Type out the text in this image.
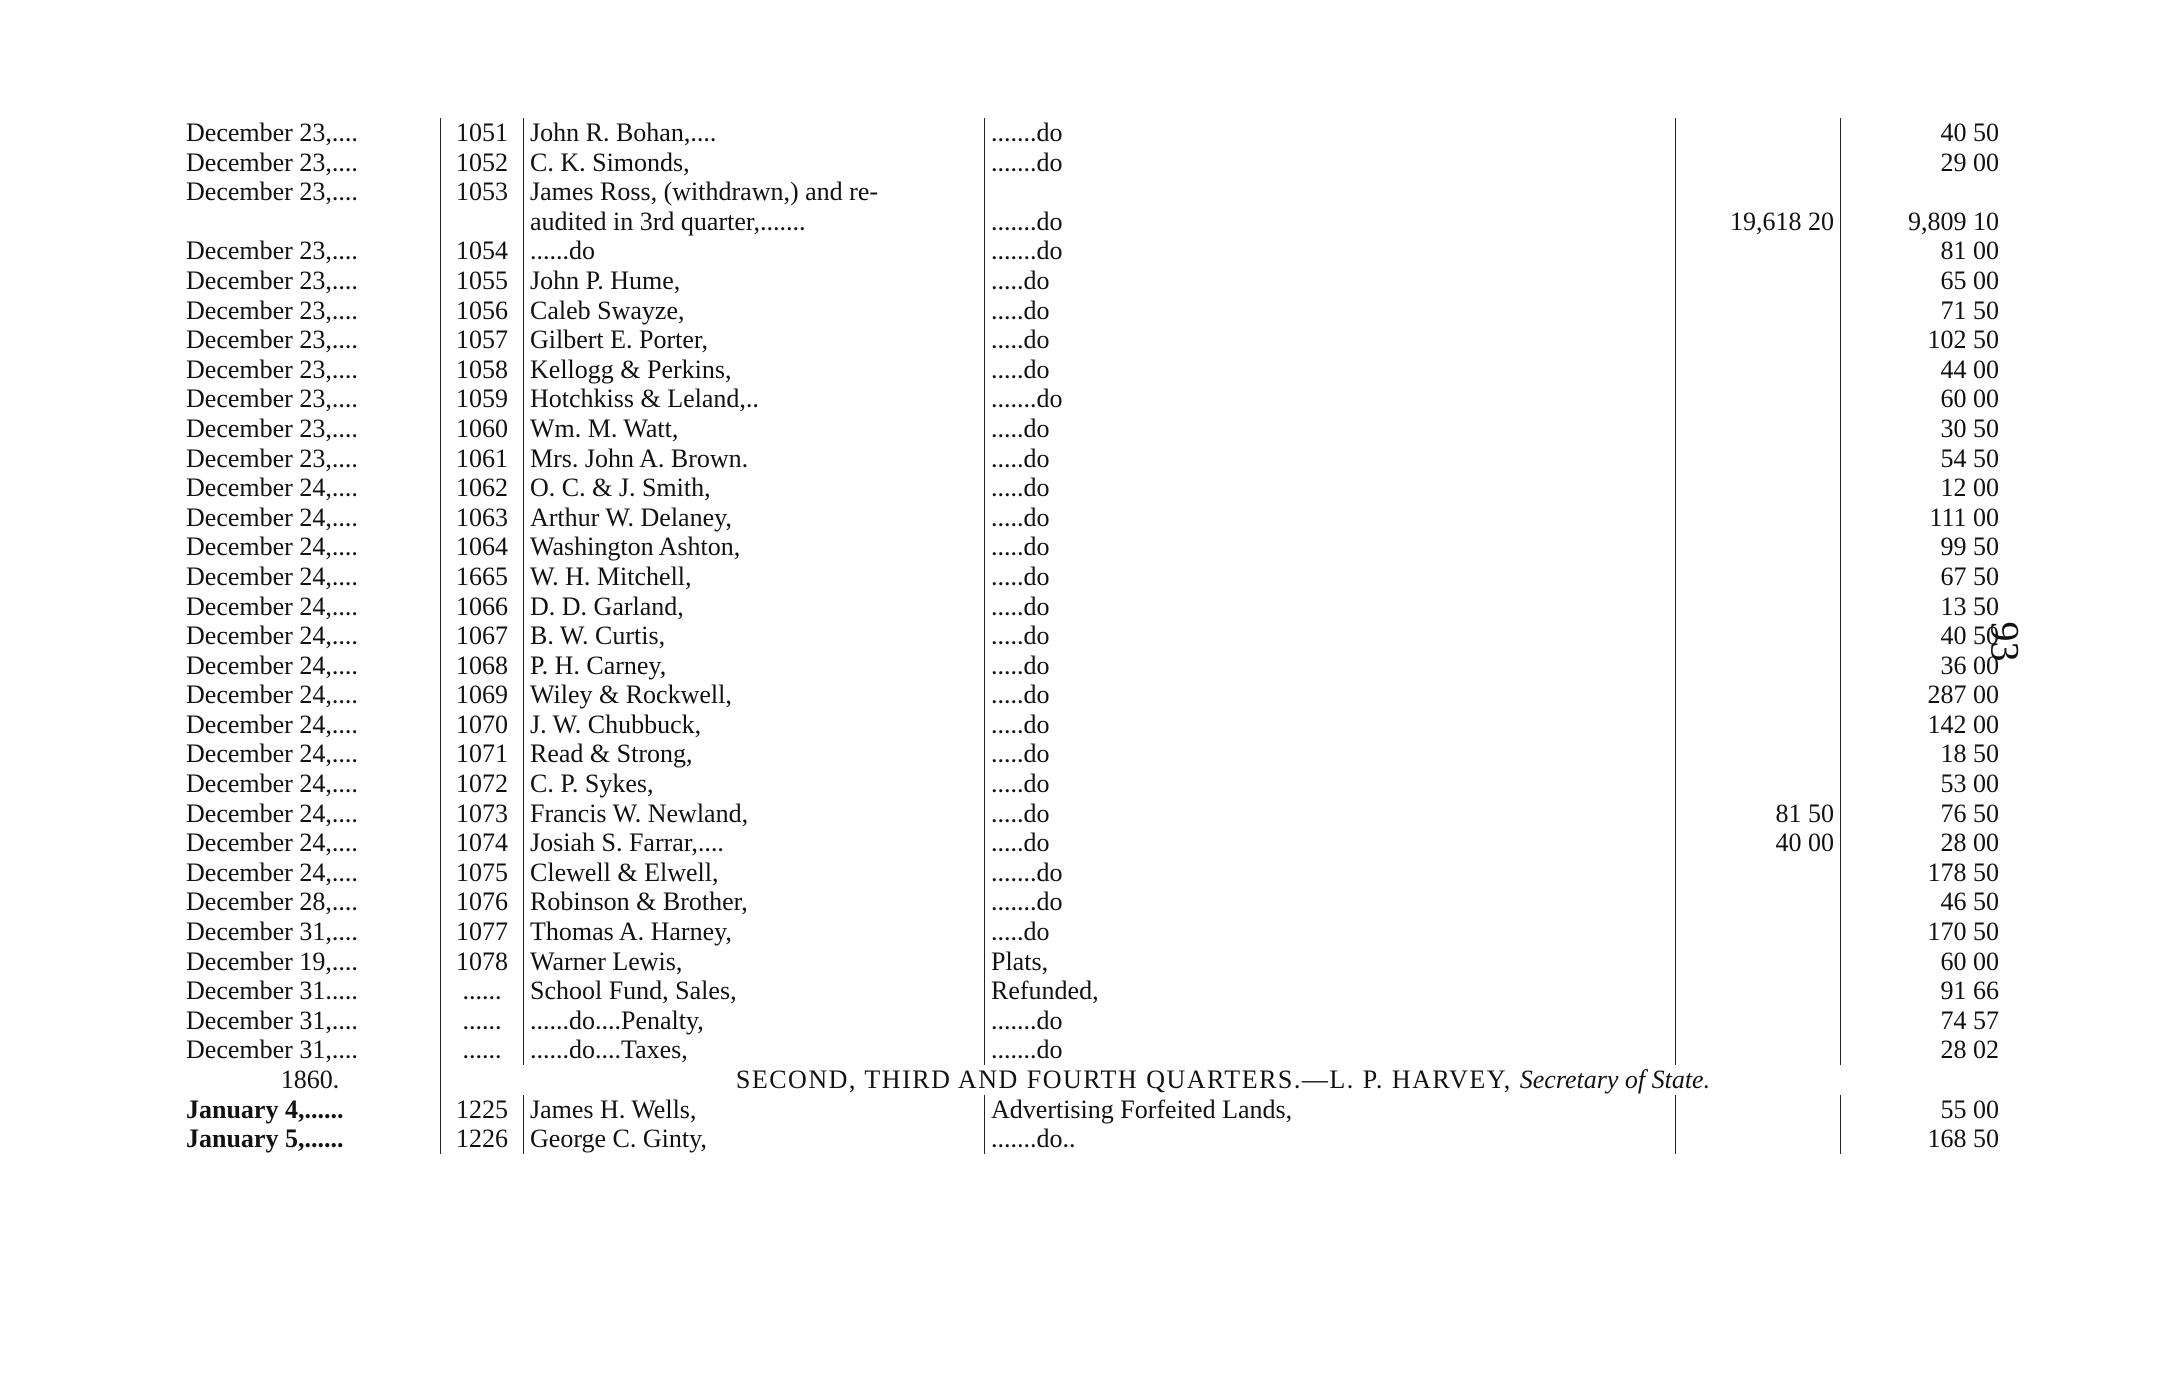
December 23,....	1051	John R. Bohan,....	.......do		40 50
December 23,....	1052	C. K. Simonds,	.......do		29 00
December 23,....	1053	James Ross, (withdrawn,) and re-			
		audited in 3rd quarter,.......	.......do	19,618 20	9,809 10
December 23,....	1054	......do	.......do		81 00
December 23,....	1055	John P. Hume,	.....do		65 00
December 23,....	1056	Caleb Swayze,	.....do		71 50
December 23,....	1057	Gilbert E. Porter,	.....do		102 50
December 23,....	1058	Kellogg & Perkins,	.....do		44 00
December 23,....	1059	Hotchkiss & Leland,..	.......do		60 00
December 23,....	1060	Wm. M. Watt,	.....do		30 50
December 23,....	1061	Mrs. John A. Brown.	.....do		54 50
December 24,....	1062	O. C. & J. Smith,	.....do		12 00
December 24,....	1063	Arthur W. Delaney,	.....do		111 00
December 24,....	1064	Washington Ashton,	.....do		99 50
December 24,....	1665	W. H. Mitchell,	.....do		67 50
December 24,....	1066	D. D. Garland,	.....do		13 50
December 24,....	1067	B. W. Curtis,	.....do		40 50
December 24,....	1068	P. H. Carney,	.....do		36 00
December 24,....	1069	Wiley & Rockwell,	.....do		287 00
December 24,....	1070	J. W. Chubbuck,	.....do		142 00
December 24,....	1071	Read & Strong,	.....do		18 50
December 24,....	1072	C. P. Sykes,	.....do		53 00
December 24,....	1073	Francis W. Newland,	.....do	81 50	76 50
December 24,....	1074	Josiah S. Farrar,....	.....do	40 00	28 00
December 24,....	1075	Clewell & Elwell,	.......do		178 50
December 28,....	1076	Robinson & Brother,	.......do		46 50
December 31,....	1077	Thomas A. Harney,	.....do		170 50
December 19,....	1078	Warner Lewis,	Plats,		60 00
December 31.....	......	School Fund, Sales,	Refunded,		91 66
December 31,....	......	......do....Penalty,	.......do		74 57
December 31,....	......	......do....Taxes,	.......do		28 02
1860.	SECOND, THIRD AND FOURTH QUARTERS.—L. P. HARVEY, Secretary of State.				
January 4,......	1225	James H. Wells,	Advertising Forfeited Lands,		55 00
January 5,......	1226	George C. Ginty,	.......do..		168 50
93
